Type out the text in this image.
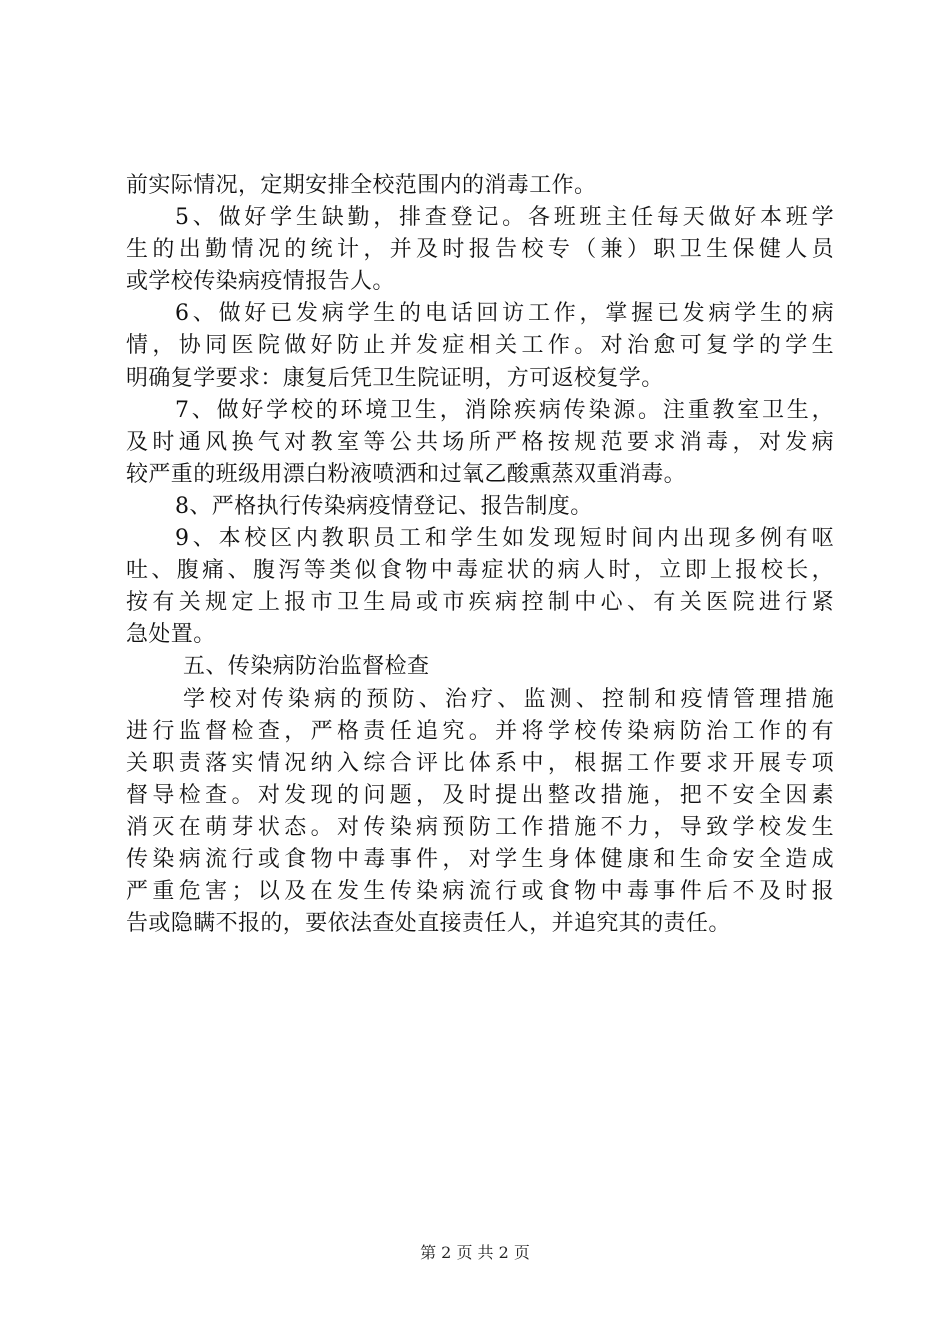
前实际情况，定期安排全校范围内的消毒工作。
5、做好学生缺勤，排查登记。各班班主任每天做好本班学
生的出勤情况的统计，并及时报告校专（兼）职卫生保健人员
或学校传染病疫情报告人。
6、做好已发病学生的电话回访工作，掌握已发病学生的病
情，协同医院做好防止并发症相关工作。对治愈可复学的学生
明确复学要求：康复后凭卫生院证明，方可返校复学。
7、做好学校的环境卫生，消除疾病传染源。注重教室卫生，
及时通风换气对教室等公共场所严格按规范要求消毒，对发病
较严重的班级用漂白粉液喷洒和过氧乙酸熏蒸双重消毒。
8、严格执行传染病疫情登记、报告制度。
9、本校区内教职员工和学生如发现短时间内出现多例有呕
吐、腹痛、腹泻等类似食物中毒症状的病人时，立即上报校长，
按有关规定上报市卫生局或市疾病控制中心、有关医院进行紧
急处置。
五、传染病防治监督检查
学校对传染病的预防、治疗、监测、控制和疫情管理措施
进行监督检查，严格责任追究。并将学校传染病防治工作的有
关职责落实情况纳入综合评比体系中，根据工作要求开展专项
督导检查。对发现的问题，及时提出整改措施，把不安全因素
消灭在萌芽状态。对传染病预防工作措施不力，导致学校发生
传染病流行或食物中毒事件，对学生身体健康和生命安全造成
严重危害；以及在发生传染病流行或食物中毒事件后不及时报
告或隐瞒不报的，要依法查处直接责任人，并追究其的责任。
第 2 页 共 2 页
